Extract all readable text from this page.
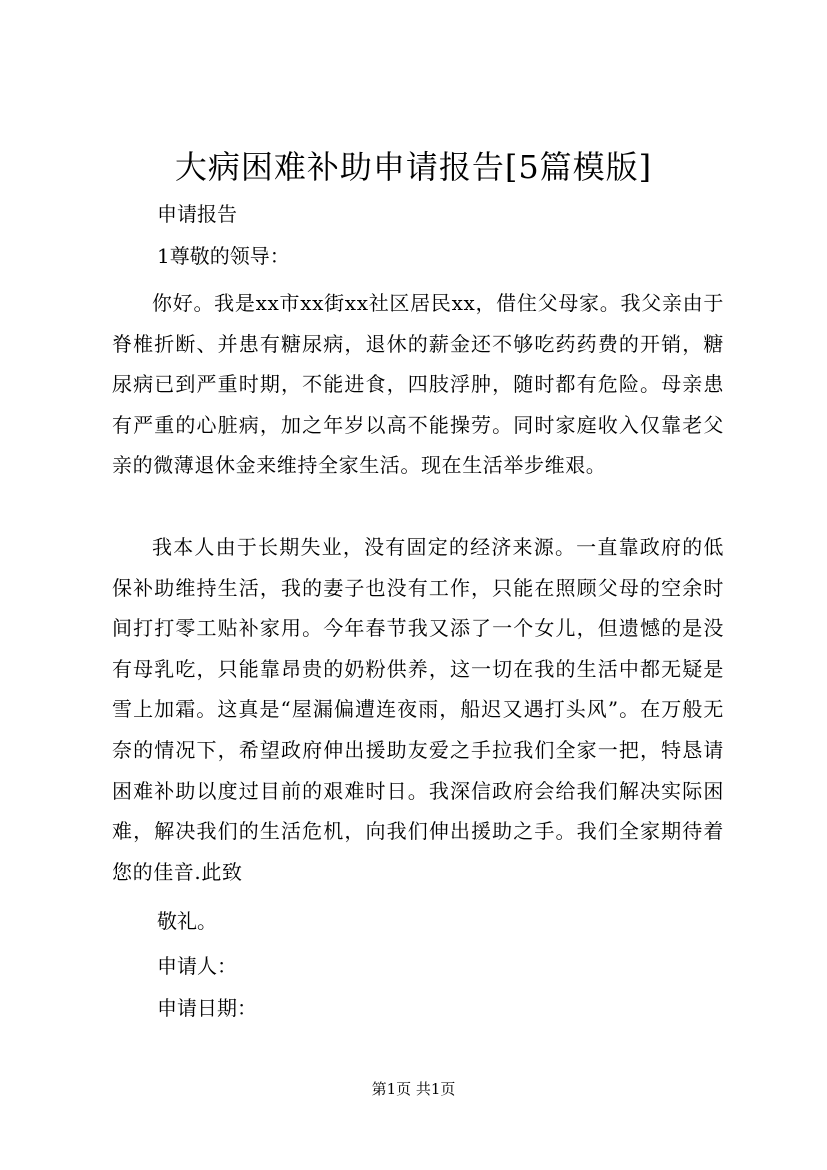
大病困难补助申请报告[5篇模版]
申请报告
1尊敬的领导：
你好。我是xx市xx街xx社区居民xx，借住父母家。我父亲由于脊椎折断、并患有糖尿病，退休的薪金还不够吃药药费的开销，糖尿病已到严重时期，不能进食，四肢浮肿，随时都有危险。母亲患有严重的心脏病，加之年岁以高不能操劳。同时家庭收入仅靠老父亲的微薄退休金来维持全家生活。现在生活举步维艰。
我本人由于长期失业，没有固定的经济来源。一直靠政府的低保补助维持生活，我的妻子也没有工作，只能在照顾父母的空余时间打打零工贴补家用。今年春节我又添了一个女儿，但遗憾的是没有母乳吃，只能靠昂贵的奶粉供养，这一切在我的生活中都无疑是雪上加霜。这真是“屋漏偏遭连夜雨，船迟又遇打头风”。在万般无奈的情况下，希望政府伸出援助友爱之手拉我们全家一把，特恳请困难补助以度过目前的艰难时日。我深信政府会给我们解决实际困难，解决我们的生活危机，向我们伸出援助之手。我们全家期待着您的佳音.此致
敬礼。
申请人：
申请日期：
第1页 共1页
